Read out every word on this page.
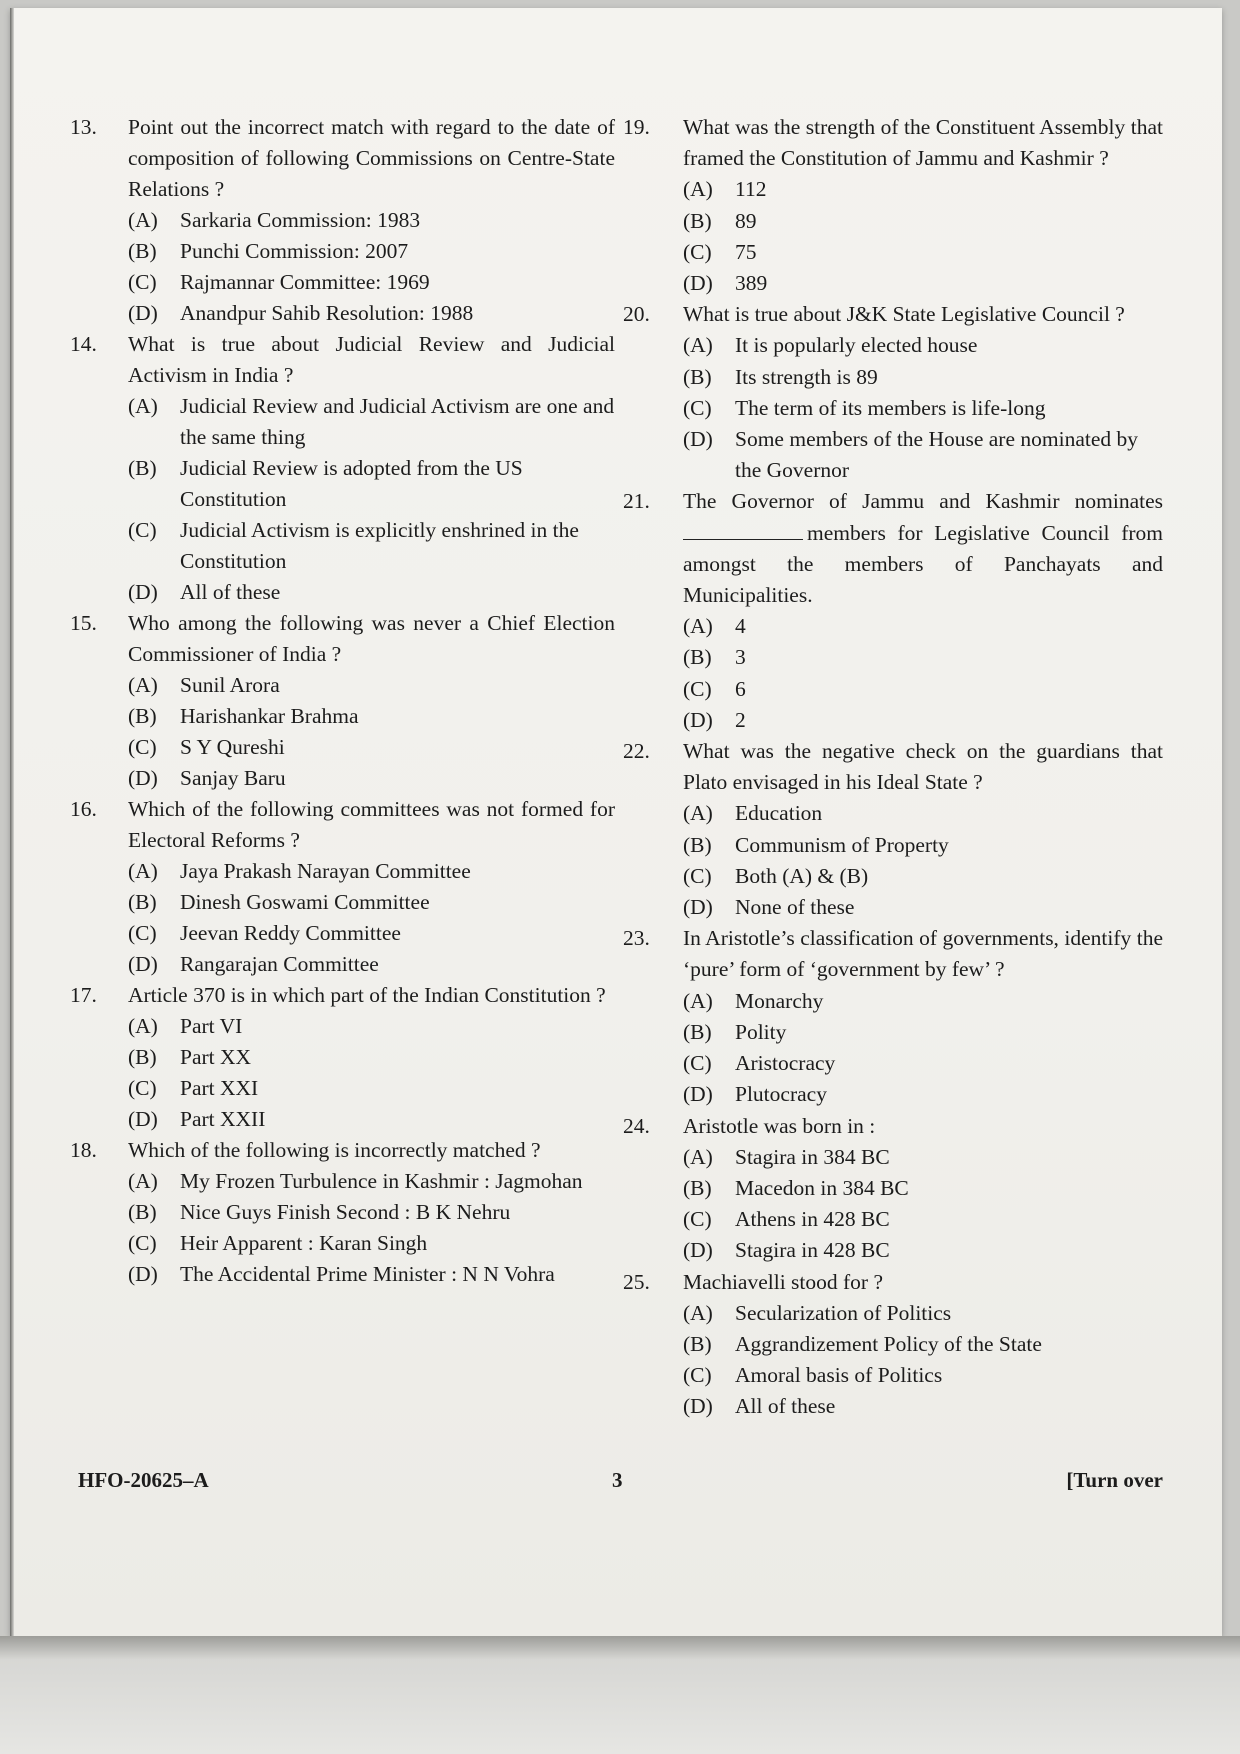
13.	Point out the incorrect match with regard to the date of composition of following Commissions on Centre-State Relations ?
(A)	Sarkaria Commission: 1983
(B)	Punchi Commission: 2007
(C)	Rajmannar Committee: 1969
(D)	Anandpur Sahib Resolution: 1988
14.	What is true about Judicial Review and Judicial Activism in India ?
(A)	Judicial Review and Judicial Activism are one and the same thing
(B)	Judicial Review is adopted from the US Constitution
(C)	Judicial Activism is explicitly enshrined in the Constitution
(D)	All of these
15.	Who among the following was never a Chief Election Commissioner of India ?
(A)	Sunil Arora
(B)	Harishankar Brahma
(C)	S Y Qureshi
(D)	Sanjay Baru
16.	Which of the following committees was not formed for Electoral Reforms ?
(A)	Jaya Prakash Narayan Committee
(B)	Dinesh Goswami Committee
(C)	Jeevan Reddy Committee
(D)	Rangarajan Committee
17.	Article 370 is in which part of the Indian Constitution ?
(A)	Part VI
(B)	Part XX
(C)	Part XXI
(D)	Part XXII
18.	Which of the following is incorrectly matched ?
(A)	My Frozen Turbulence in Kashmir : Jagmohan
(B)	Nice Guys Finish Second : B K Nehru
(C)	Heir Apparent : Karan Singh
(D)	The Accidental Prime Minister : N N Vohra
19.	What was the strength of the Constituent Assembly that framed the Constitution of Jammu and Kashmir ?
(A)	112
(B)	89
(C)	75
(D)	389
20.	What is true about J&K State Legislative Council ?
(A)	It is popularly elected house
(B)	Its strength is 89
(C)	The term of its members is life-long
(D)	Some members of the House are nominated by the Governor
21.	The Governor of Jammu and Kashmir nominates members for Legislative Council from amongst the members of Panchayats and Municipalities.
(A)	4
(B)	3
(C)	6
(D)	2
22.	What was the negative check on the guardians that Plato envisaged in his Ideal State ?
(A)	Education
(B)	Communism of Property
(C)	Both (A) & (B)
(D)	None of these
23.	In Aristotle’s classification of governments, identify the ‘pure’ form of ‘government by few’ ?
(A)	Monarchy
(B)	Polity
(C)	Aristocracy
(D)	Plutocracy
24.	Aristotle was born in :
(A)	Stagira in 384 BC
(B)	Macedon in 384 BC
(C)	Athens in 428 BC
(D)	Stagira in 428 BC
25.	Machiavelli stood for ?
(A)	Secularization of Politics
(B)	Aggrandizement Policy of the State
(C)	Amoral basis of Politics
(D)	All of these
HFO-20625–A	3	[Turn over
